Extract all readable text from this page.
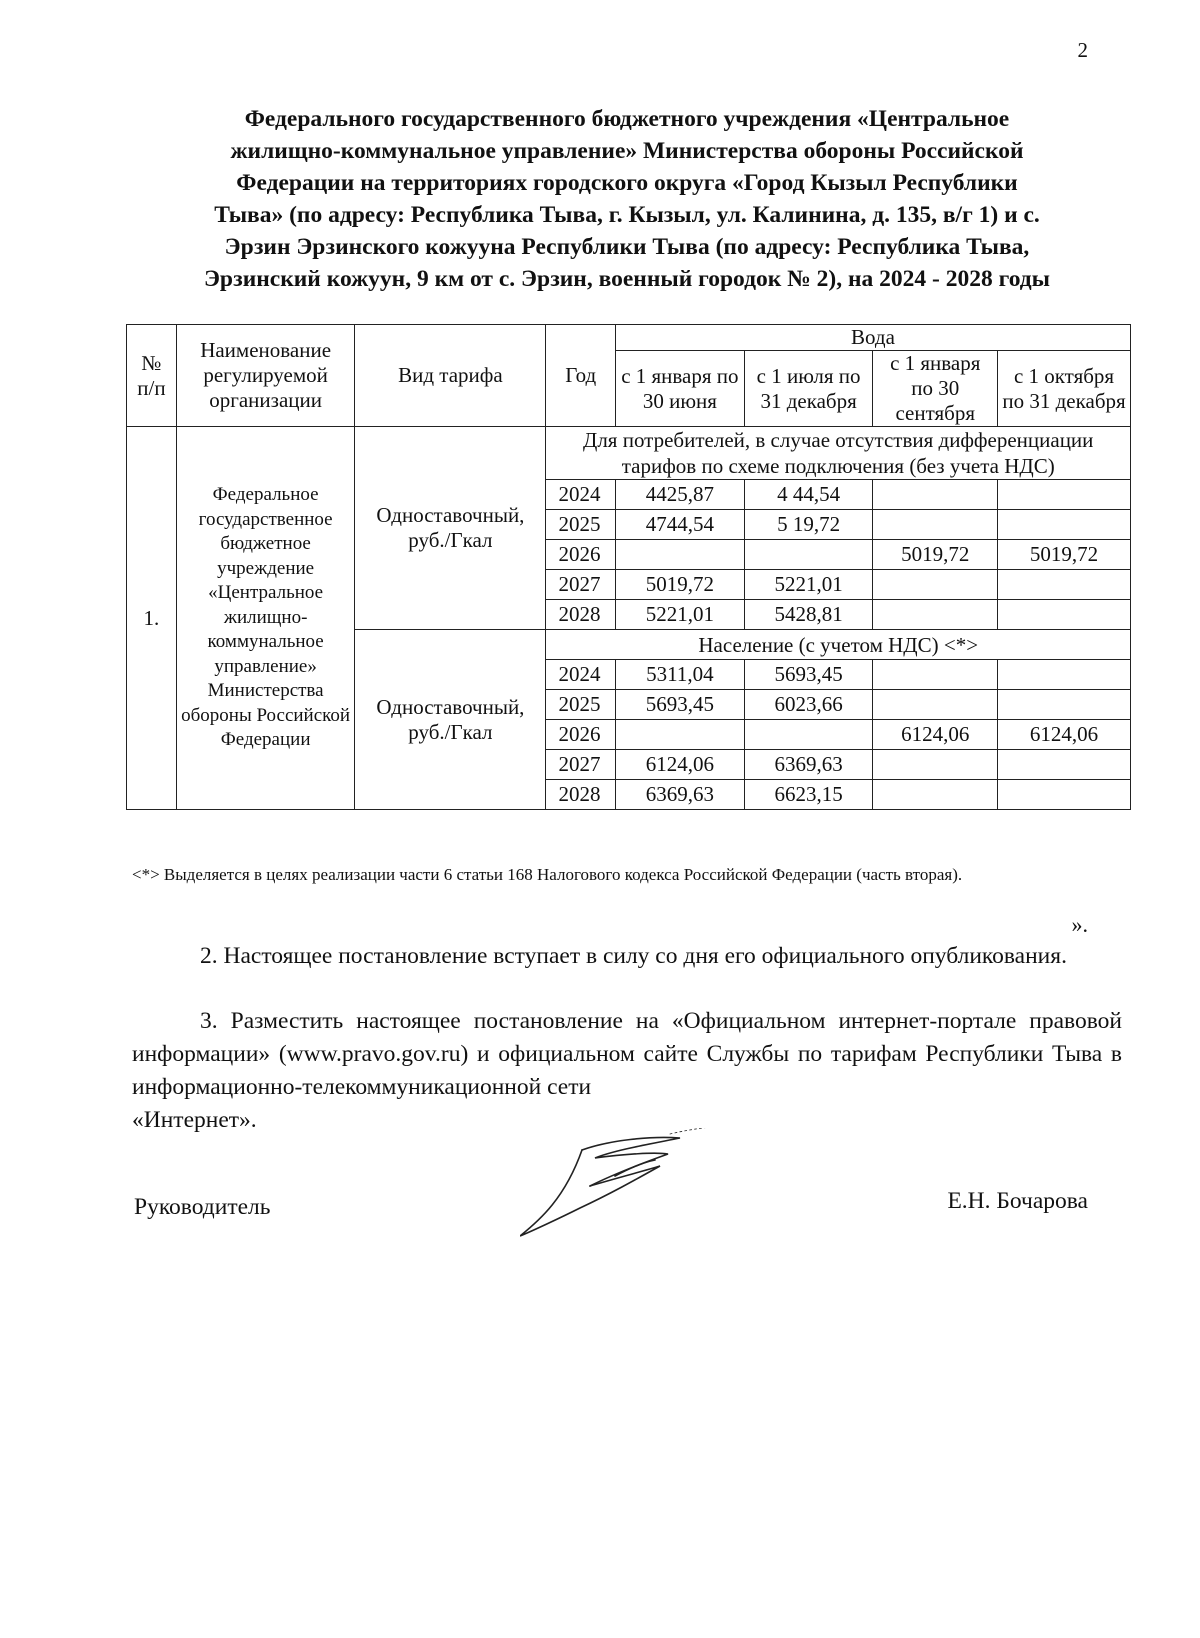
2
Федерального государственного бюджетного учреждения «Центральное
жилищно-коммунальное управление» Министерства обороны Российской
Федерации на территориях городского округа «Город Кызыл Республики
Тыва» (по адресу: Республика Тыва, г. Кызыл, ул. Калинина, д. 135, в/г 1) и с.
Эрзин Эрзинского кожууна Республики Тыва (по адресу: Республика Тыва,
Эрзинский кожуун, 9 км от с. Эрзин, военный городок № 2), на 2024 - 2028 годы
№ п/п	Наименование регулируемой организации	Вид тарифа	Год	Вода			
				с 1 января по 30 июня	с 1 июля по 31 декабря	с 1 января по 30 сентября	с 1 октября по 31 декабря
1.	Федеральное государственное бюджетное учреждение «Центральное жилищно-коммунальное управление» Министерства обороны Российской Федерации	Одноставочный, руб./Гкал	Для потребителей, в случае отсутствия дифференциации тарифов по схеме подключения (без учета НДС)				
			2024	4425,87	4 44,54		
			2025	4744,54	5 19,72		
			2026			5019,72	5019,72
			2027	5019,72	5221,01		
			2028	5221,01	5428,81		
		Одноставочный, руб./Гкал	Население (с учетом НДС) <*>				
			2024	5311,04	5693,45		
			2025	5693,45	6023,66		
			2026			6124,06	6124,06
			2027	6124,06	6369,63		
			2028	6369,63	6623,15		
<*> Выделяется в целях реализации части 6 статьи 168 Налогового кодекса Российской Федерации (часть вторая).
».
2. Настоящее постановление вступает в силу со дня его официального опубликования.
3. Разместить настоящее постановление на «Официальном интернет-портале правовой информации» (www.pravo.gov.ru) и официальном сайте Службы по тарифам Республики Тыва в информационно-телекоммуникационной сети
«Интернет».
Руководитель	Е.Н. Бочарова
